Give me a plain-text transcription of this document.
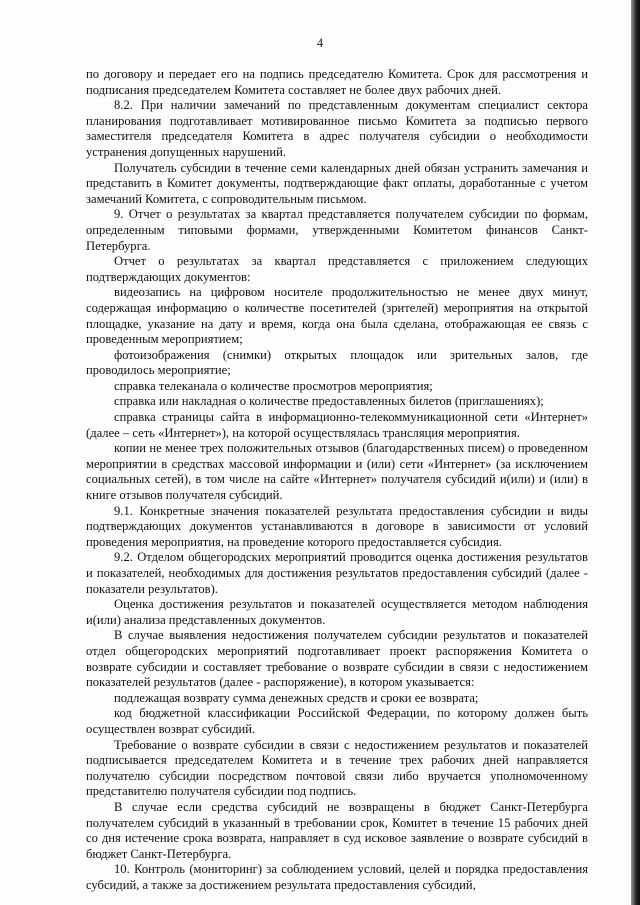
4

по договору и передает его на подпись председателю Комитета. Срок для рассмотрения и подписания председателем Комитета составляет не более двух рабочих дней.

8.2. При наличии замечаний по представленным документам специалист сектора планирования подготавливает мотивированное письмо Комитета за подписью первого заместителя председателя Комитета в адрес получателя субсидии о необходимости устранения допущенных нарушений.

Получатель субсидии в течение семи календарных дней обязан устранить замечания и представить в Комитет документы, подтверждающие факт оплаты, доработанные с учетом замечаний Комитета, с сопроводительным письмом.

9. Отчет о результатах за квартал представляется получателем субсидии по формам, определенным типовыми формами, утвержденными Комитетом финансов Санкт-Петербурга.

Отчет о результатах за квартал представляется с приложением следующих подтверждающих документов:

видеозапись на цифровом носителе продолжительностью не менее двух минут, содержащая информацию о количестве посетителей (зрителей) мероприятия на открытой площадке, указание на дату и время, когда она была сделана, отображающая ее связь с проведенным мероприятием;

фотоизображения (снимки) открытых площадок или зрительных залов, где проводилось мероприятие;

справка телеканала о количестве просмотров мероприятия;

справка или накладная о количестве предоставленных билетов (приглашениях);

справка страницы сайта в информационно-телекоммуникационной сети «Интернет» (далее – сеть «Интернет»), на которой осуществлялась трансляция мероприятия.

копии не менее трех положительных отзывов (благодарственных писем) о проведенном мероприятии в средствах массовой информации и (или) сети «Интернет» (за исключением социальных сетей), в том числе на сайте «Интернет» получателя субсидий и(или) и (или) в книге отзывов получателя субсидий.

9.1. Конкретные значения показателей результата предоставления субсидии и виды подтверждающих документов устанавливаются в договоре в зависимости от условий проведения мероприятия, на проведение которого предоставляется субсидия.

9.2. Отделом общегородских мероприятий проводится оценка достижения результатов и показателей, необходимых для достижения результатов предоставления субсидий (далее - показатели результатов).

Оценка достижения результатов и показателей осуществляется методом наблюдения и(или) анализа представленных документов.

В случае выявления недостижения получателем субсидии результатов и показателей отдел общегородских мероприятий подготавливает проект распоряжения Комитета о возврате субсидии и составляет требование о возврате субсидии в связи с недостижением показателей результатов (далее - распоряжение), в котором указывается:

подлежащая возврату сумма денежных средств и сроки ее возврата;

код бюджетной классификации Российской Федерации, по которому должен быть осуществлен возврат субсидий.

Требование о возврате субсидии в связи с недостижением результатов и показателей подписывается председателем Комитета и в течение трех рабочих дней направляется получателю субсидии посредством почтовой связи либо вручается уполномоченному представителю получателя субсидии под подпись.

В случае если средства субсидий не возвращены в бюджет Санкт-Петербурга получателем субсидий в указанный в требовании срок, Комитет в течение 15 рабочих дней со дня истечение срока возврата, направляет в суд исковое заявление о возврате субсидий в бюджет Санкт-Петербурга.

10. Контроль (мониторинг) за соблюдением условий, целей и порядка предоставления субсидий, а также за достижением результата предоставления субсидий,
